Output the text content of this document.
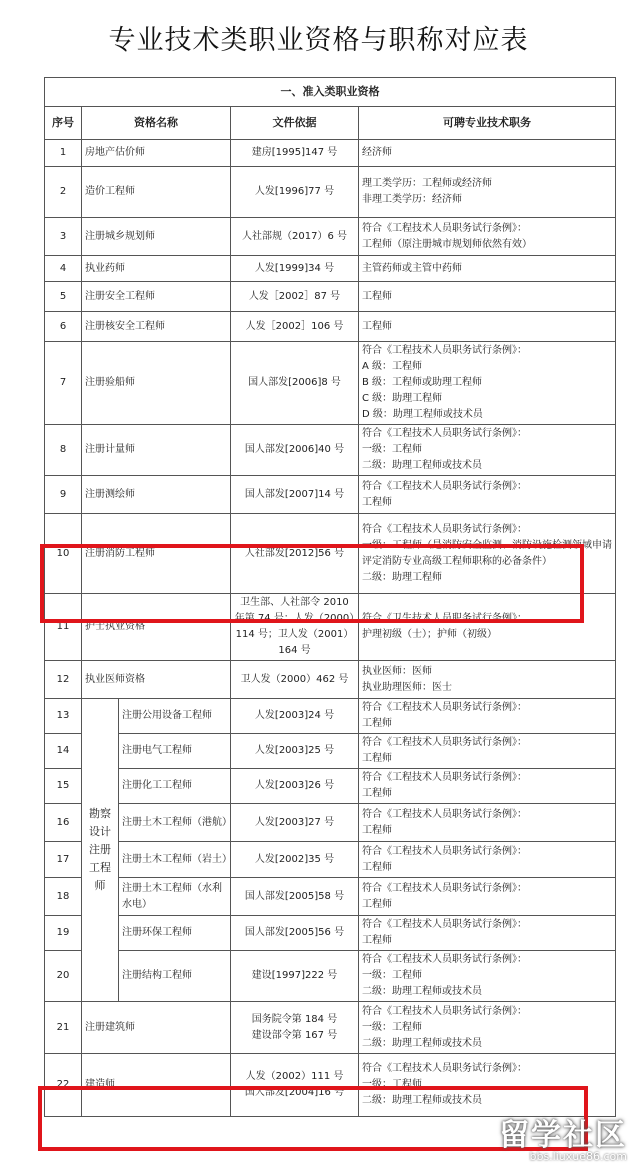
专业技术类职业资格与职称对应表
一、准入类职业资格				
序号	资格名称		文件依据	可聘专业技术职务
1	房地产估价师		建房[1995]147 号	经济师
2	造价工程师		人发[1996]77 号	理工类学历：工程师或经济师
非理工类学历：经济师
3	注册城乡规划师		人社部规（2017）6 号	符合《工程技术人员职务试行条例》：
工程师（原注册城市规划师依然有效）
4	执业药师		人发[1999]34 号	主管药师或主管中药师
5	注册安全工程师		人发［2002］87 号	工程师
6	注册核安全工程师		人发［2002］106 号	工程师
7	注册验船师		国人部发[2006]8 号	符合《工程技术人员职务试行条例》：
A 级：工程师
B 级：工程师或助理工程师
C 级：助理工程师
D 级：助理工程师或技术员
8	注册计量师		国人部发[2006]40 号	符合《工程技术人员职务试行条例》：
一级：工程师
二级：助理工程师或技术员
9	注册测绘师		国人部发[2007]14 号	符合《工程技术人员职务试行条例》：
工程师
10	注册消防工程师		人社部发[2012]56 号	符合《工程技术人员职务试行条例》：
一级：工程师（是消防安全监测、消防设施检测领域申请评定消防专业高级工程师职称的必备条件）
二级：助理工程师
11	护士执业资格		卫生部、人社部令 2010 年第 74 号；人发（2000）114 号；卫人发（2001）164 号	符合《卫生技术人员职务试行条例》：
护理初级（士）；护师（初级）
12	执业医师资格		卫人发（2000）462 号	执业医师：医师
执业助理医师：医士
13	勘察设计注册工程师	注册公用设备工程师	人发[2003]24 号	符合《工程技术人员职务试行条例》：
工程师
14		注册电气工程师	人发[2003]25 号	符合《工程技术人员职务试行条例》：
工程师
15		注册化工工程师	人发[2003]26 号	符合《工程技术人员职务试行条例》：
工程师
16		注册土木工程师（港航）	人发[2003]27 号	符合《工程技术人员职务试行条例》：
工程师
17		注册土木工程师（岩土）	人发[2002]35 号	符合《工程技术人员职务试行条例》：
工程师
18		注册土木工程师（水利水电）	国人部发[2005]58 号	符合《工程技术人员职务试行条例》：
工程师
19		注册环保工程师	国人部发[2005]56 号	符合《工程技术人员职务试行条例》：
工程师
20		注册结构工程师	建设[1997]222 号	符合《工程技术人员职务试行条例》：
一级：工程师
二级：助理工程师或技术员
21	注册建筑师		国务院令第 184 号
建设部令第 167 号	符合《工程技术人员职务试行条例》：
一级：工程师
二级：助理工程师或技术员
22	建造师		人发（2002）111 号
国人部发[2004]16 号	符合《工程技术人员职务试行条例》：
一级：工程师
二级：助理工程师或技术员
留学社区
bbs.liuxue86.com
